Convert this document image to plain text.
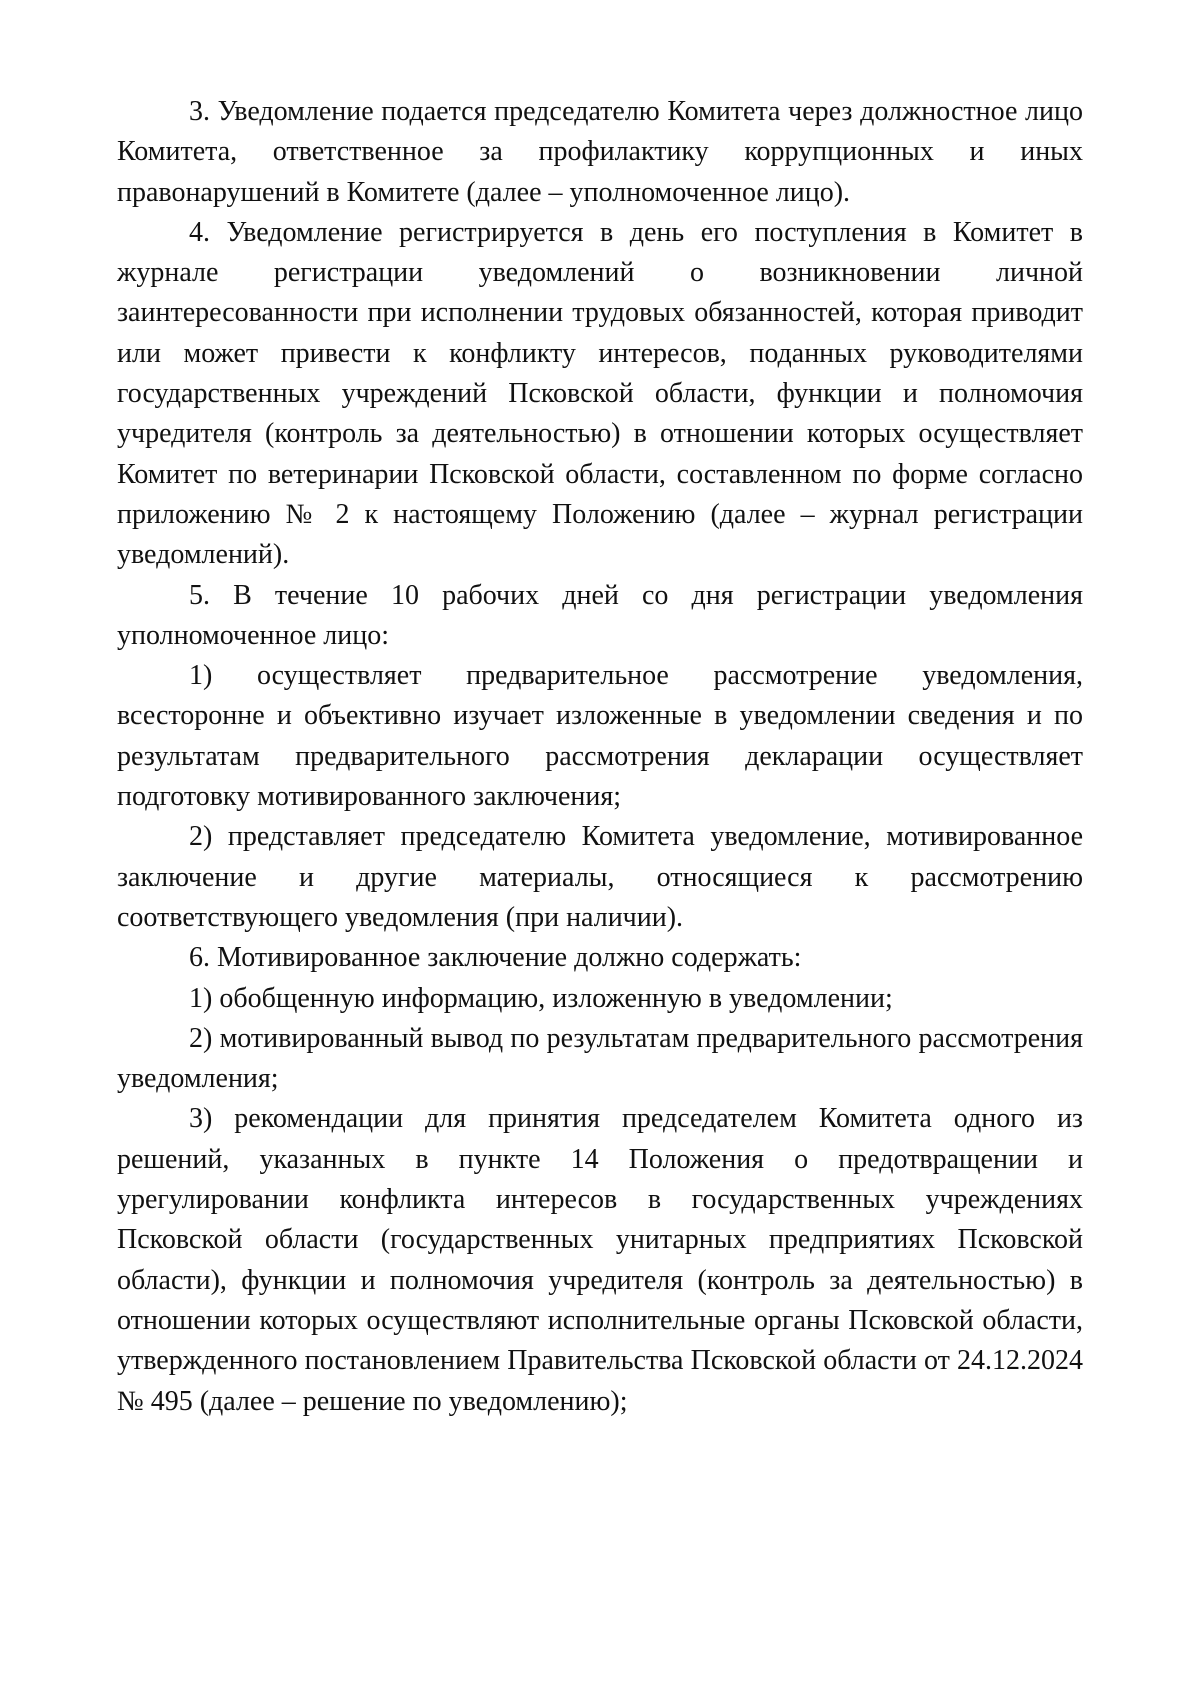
3. Уведомление подается председателю Комитета через должностное лицо Комитета, ответственное за профилактику коррупционных и иных правонарушений в Комитете (далее – уполномоченное лицо).

4. Уведомление регистрируется в день его поступления в Комитет в журнале регистрации уведомлений о возникновении личной заинтересованности при исполнении трудовых обязанностей, которая приводит или может привести к конфликту интересов, поданных руководителями государственных учреждений Псковской области, функции и полномочия учредителя (контроль за деятельностью) в отношении которых осуществляет Комитет по ветеринарии Псковской области, составленном по форме согласно приложению № 2 к настоящему Положению (далее – журнал регистрации уведомлений).

5. В течение 10 рабочих дней со дня регистрации уведомления уполномоченное лицо:

1) осуществляет предварительное рассмотрение уведомления, всесторонне и объективно изучает изложенные в уведомлении сведения и по результатам предварительного рассмотрения декларации осуществляет подготовку мотивированного заключения;

2) представляет председателю Комитета уведомление, мотивированное заключение и другие материалы, относящиеся к рассмотрению соответствующего уведомления (при наличии).

6. Мотивированное заключение должно содержать:

1) обобщенную информацию, изложенную в уведомлении;

2) мотивированный вывод по результатам предварительного рассмотрения уведомления;

3) рекомендации для принятия председателем Комитета одного из решений, указанных в пункте 14 Положения о предотвращении и урегулировании конфликта интересов в государственных учреждениях Псковской области (государственных унитарных предприятиях Псковской области), функции и полномочия учредителя (контроль за деятельностью) в отношении которых осуществляют исполнительные органы Псковской области, утвержденного постановлением Правительства Псковской области от 24.12.2024 № 495 (далее – решение по уведомлению);
